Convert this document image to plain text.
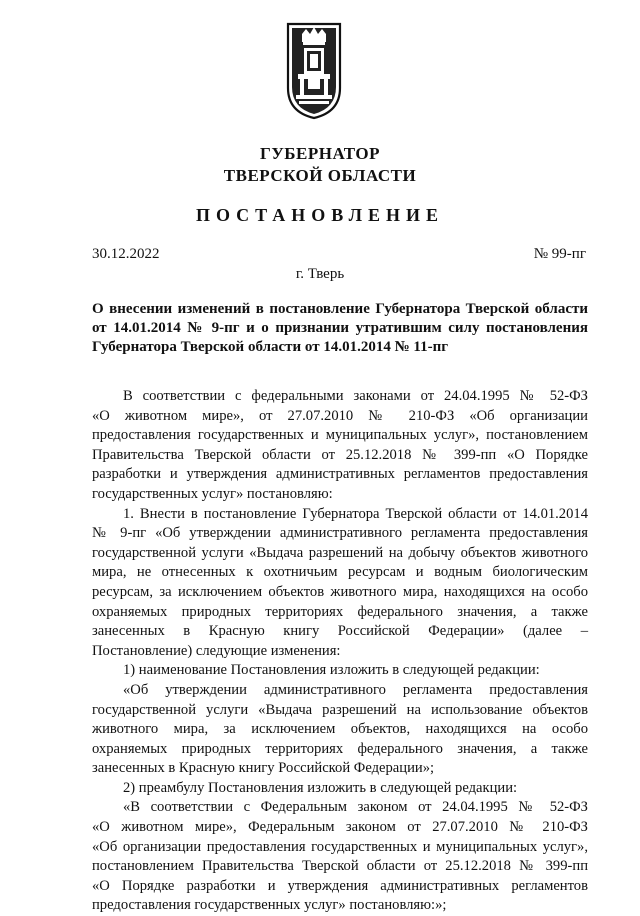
ГУБЕРНАТОР
ТВЕРСКОЙ ОБЛАСТИ
ПОСТАНОВЛЕНИЕ
30.12.2022	№ 99-пг
г. Тверь
О внесении изменений в постановление Губернатора Тверской области
от 14.01.2014 № 9-пг и о признании утратившим силу постановления
Губернатора Тверской области от 14.01.2014 № 11-пг
В соответствии с федеральными законами от 24.04.1995 № 52-ФЗ
«О животном мире», от 27.07.2010 № 210-ФЗ «Об организации
предоставления государственных и муниципальных услуг», постановлением
Правительства Тверской области от 25.12.2018 № 399-пп «О Порядке
разработки и утверждения административных регламентов предоставления
государственных услуг» постановляю:
1. Внести в постановление Губернатора Тверской области от 14.01.2014
№ 9-пг «Об утверждении административного регламента предоставления
государственной услуги «Выдача разрешений на добычу объектов животного
мира, не отнесенных к охотничьим ресурсам и водным биологическим
ресурсам, за исключением объектов животного мира, находящихся на особо
охраняемых природных территориях федерального значения, а также
занесенных в Красную книгу Российской Федерации» (далее –
Постановление) следующие изменения:
1) наименование Постановления изложить в следующей редакции:
«Об утверждении административного регламента предоставления
государственной услуги «Выдача разрешений на использование объектов
животного мира, за исключением объектов, находящихся на особо
охраняемых природных территориях федерального значения, а также
занесенных в Красную книгу Российской Федерации»;
2) преамбулу Постановления изложить в следующей редакции:
«В соответствии с Федеральным законом от 24.04.1995 № 52-ФЗ
«О животном мире», Федеральным законом от 27.07.2010 № 210-ФЗ
«Об организации предоставления государственных и муниципальных услуг»,
постановлением Правительства Тверской области от 25.12.2018 № 399-пп
«О Порядке разработки и утверждения административных регламентов
предоставления государственных услуг» постановляю:»;
